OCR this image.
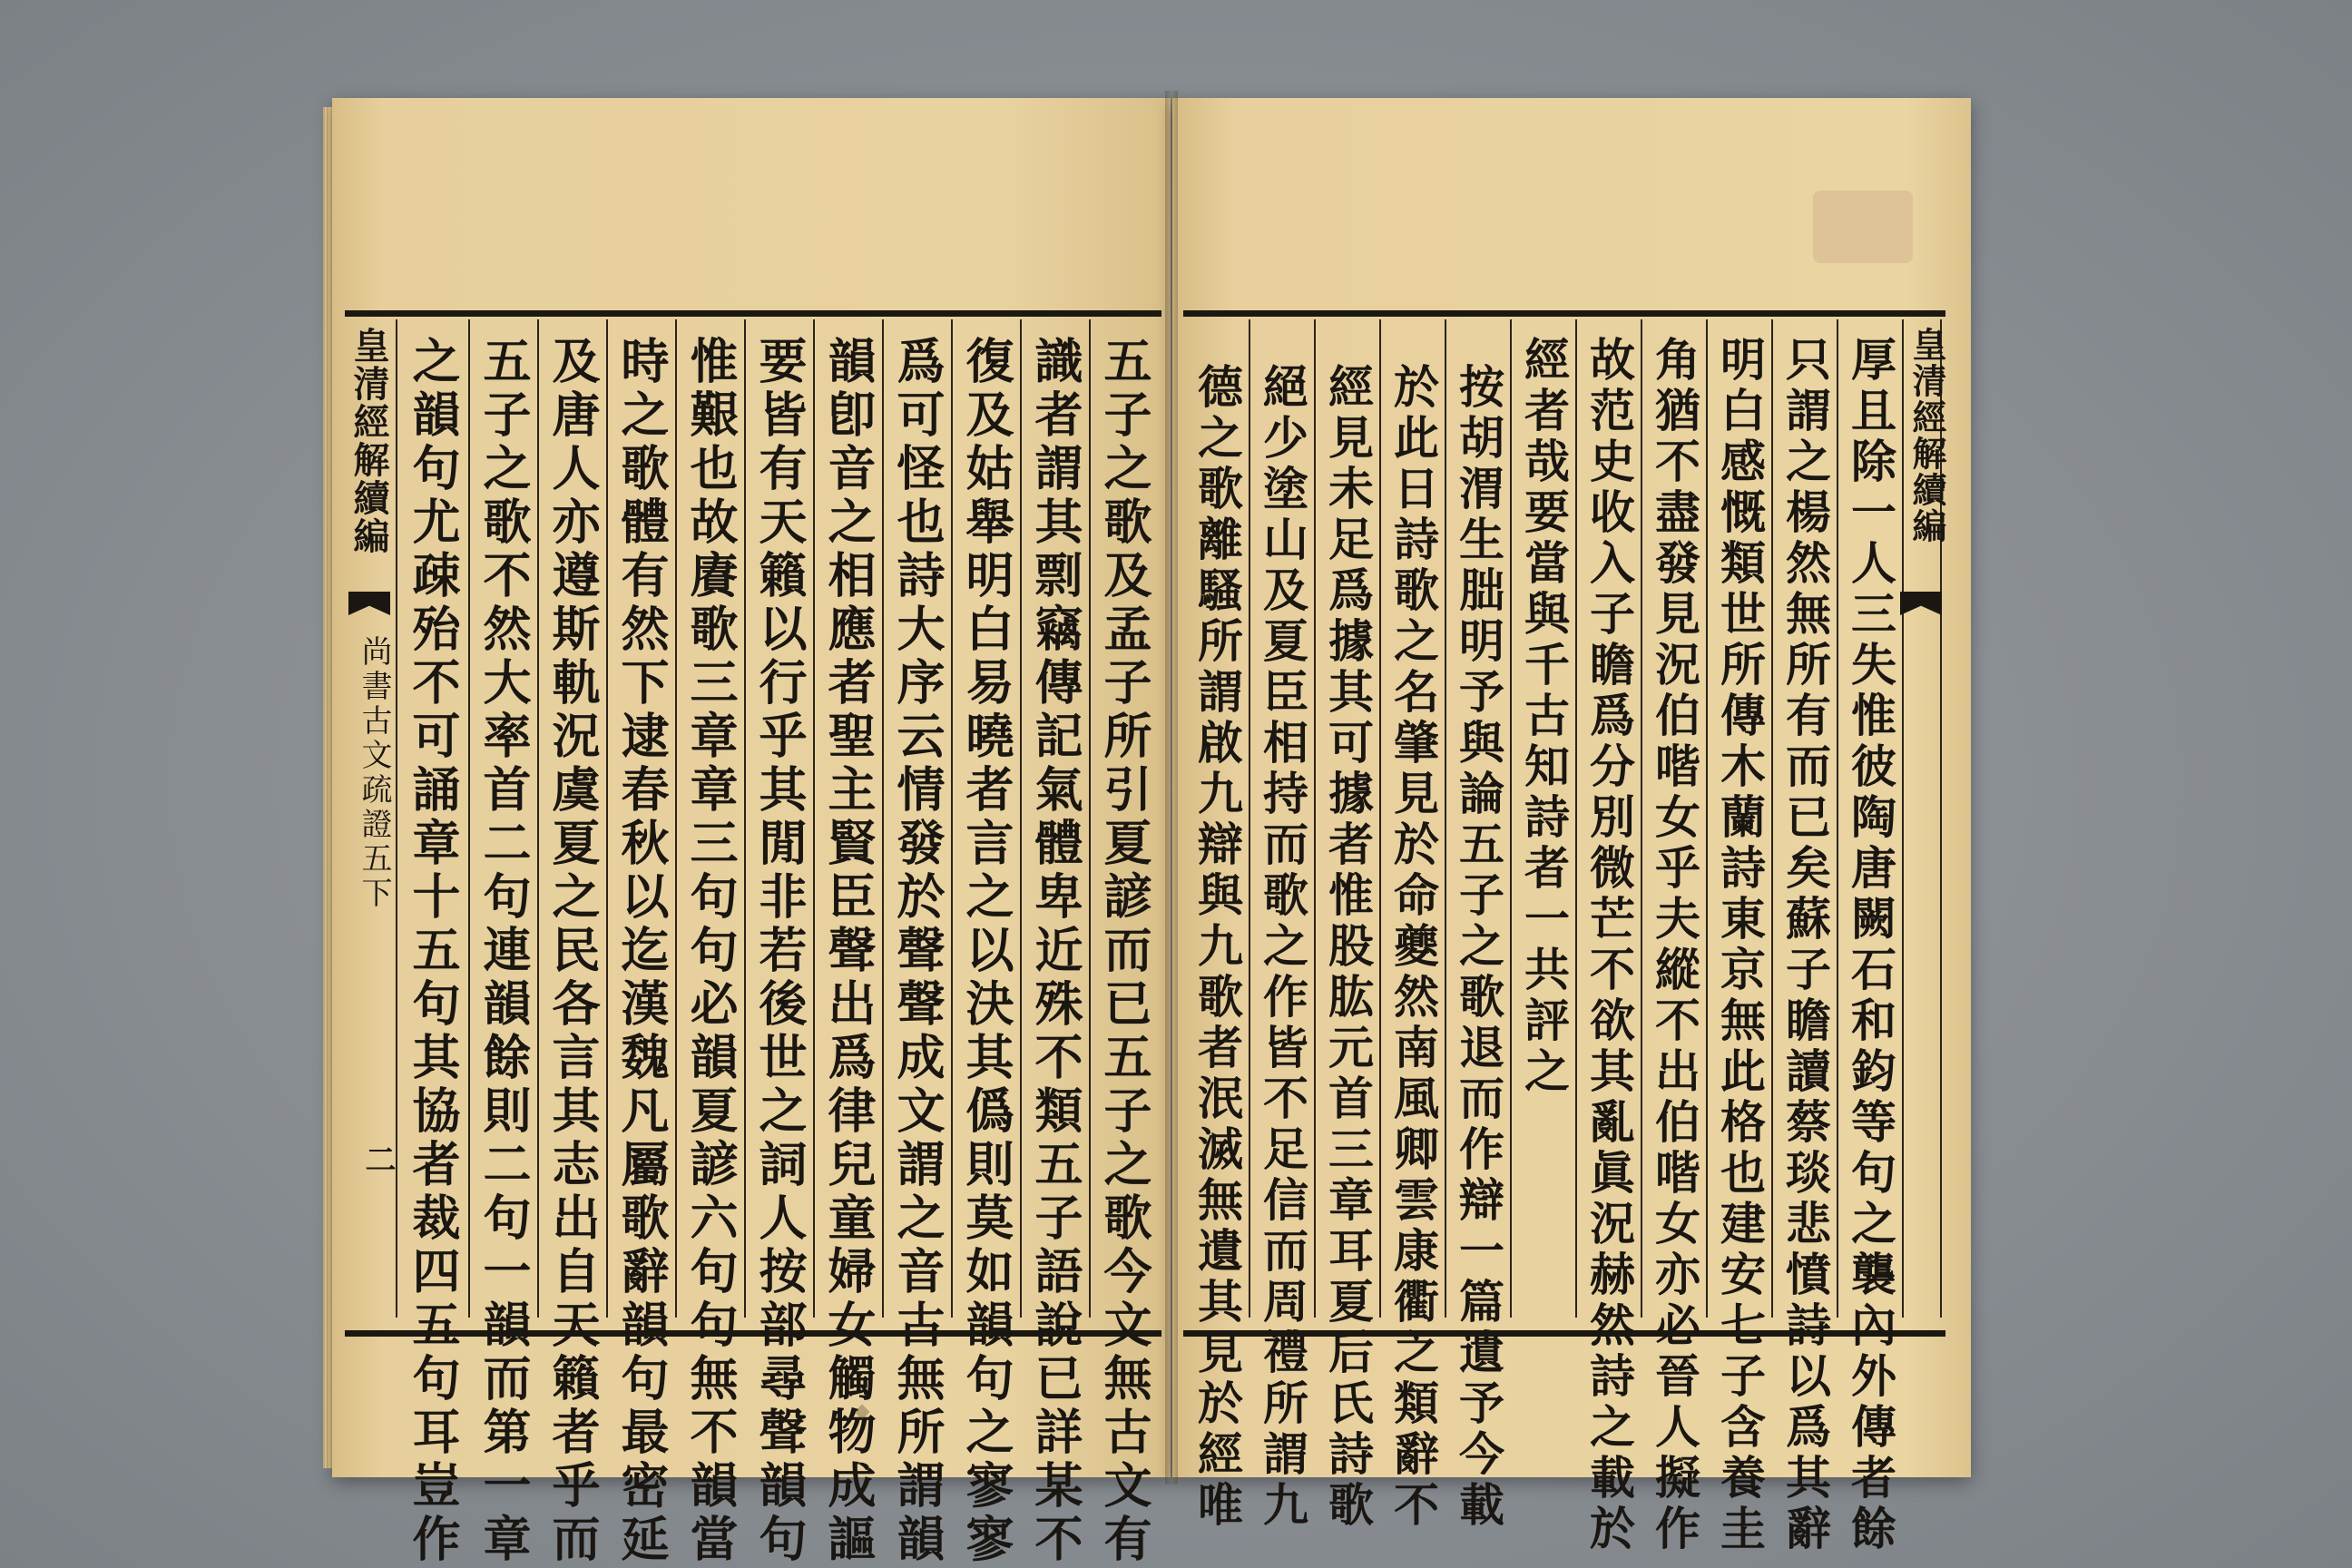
皇清經解續編
尚書古文疏證五下
二	五子之歌及孟子所引夏諺而已五子之歌今文無古文有
識者謂其剽竊傳記氣體卑近殊不類五子語說已詳某不
復及姑舉明白易曉者言之以決其僞則莫如韻句之寥寥
爲可怪也詩大序云情發於聲聲成文謂之音古無所謂韻
韻卽音之相應者聖主賢臣聲出爲律兒童婦女觸物成謳
要皆有天籟以行乎其閒非若後世之詞人按部尋聲韻句
惟艱也故賡歌三章章三句句必韻夏諺六句句無不韻當
時之歌體有然下逮春秋以迄漢魏凡屬歌辭韻句最密延
及唐人亦遵斯軌況虞夏之民各言其志出自天籟者乎而
五子之歌不然大率首二句連韻餘則二句一韻而第一章
之韻句尤疎殆不可誦章十五句其協者裁四五句耳豈作	皇清經解續編
厚且除一人三失惟彼陶唐闕石和鈞等句之襲內外傳者餘
只謂之楊然無所有而已矣蘇子瞻讀蔡琰悲憤詩以爲其辭
明白感慨類世所傳木蘭詩東京無此格也建安七子含養圭
角猶不盡發見況伯喈女乎夫縱不出伯喈女亦必晉人擬作
故范史收入子瞻爲分別微芒不欲其亂眞況赫然詩之載於
經者哉要當與千古知詩者一共評之
按胡渭生朏明予與論五子之歌退而作辯一篇遺予今載
於此日詩歌之名肇見於命夔然南風卿雲康衢之類辭不
經見未足爲據其可據者惟股肱元首三章耳夏后氏詩歌
絕少塗山及夏臣相持而歌之作皆不足信而周禮所謂九
德之歌離騷所謂啟九辯與九歌者泯滅無遺其見於經唯
